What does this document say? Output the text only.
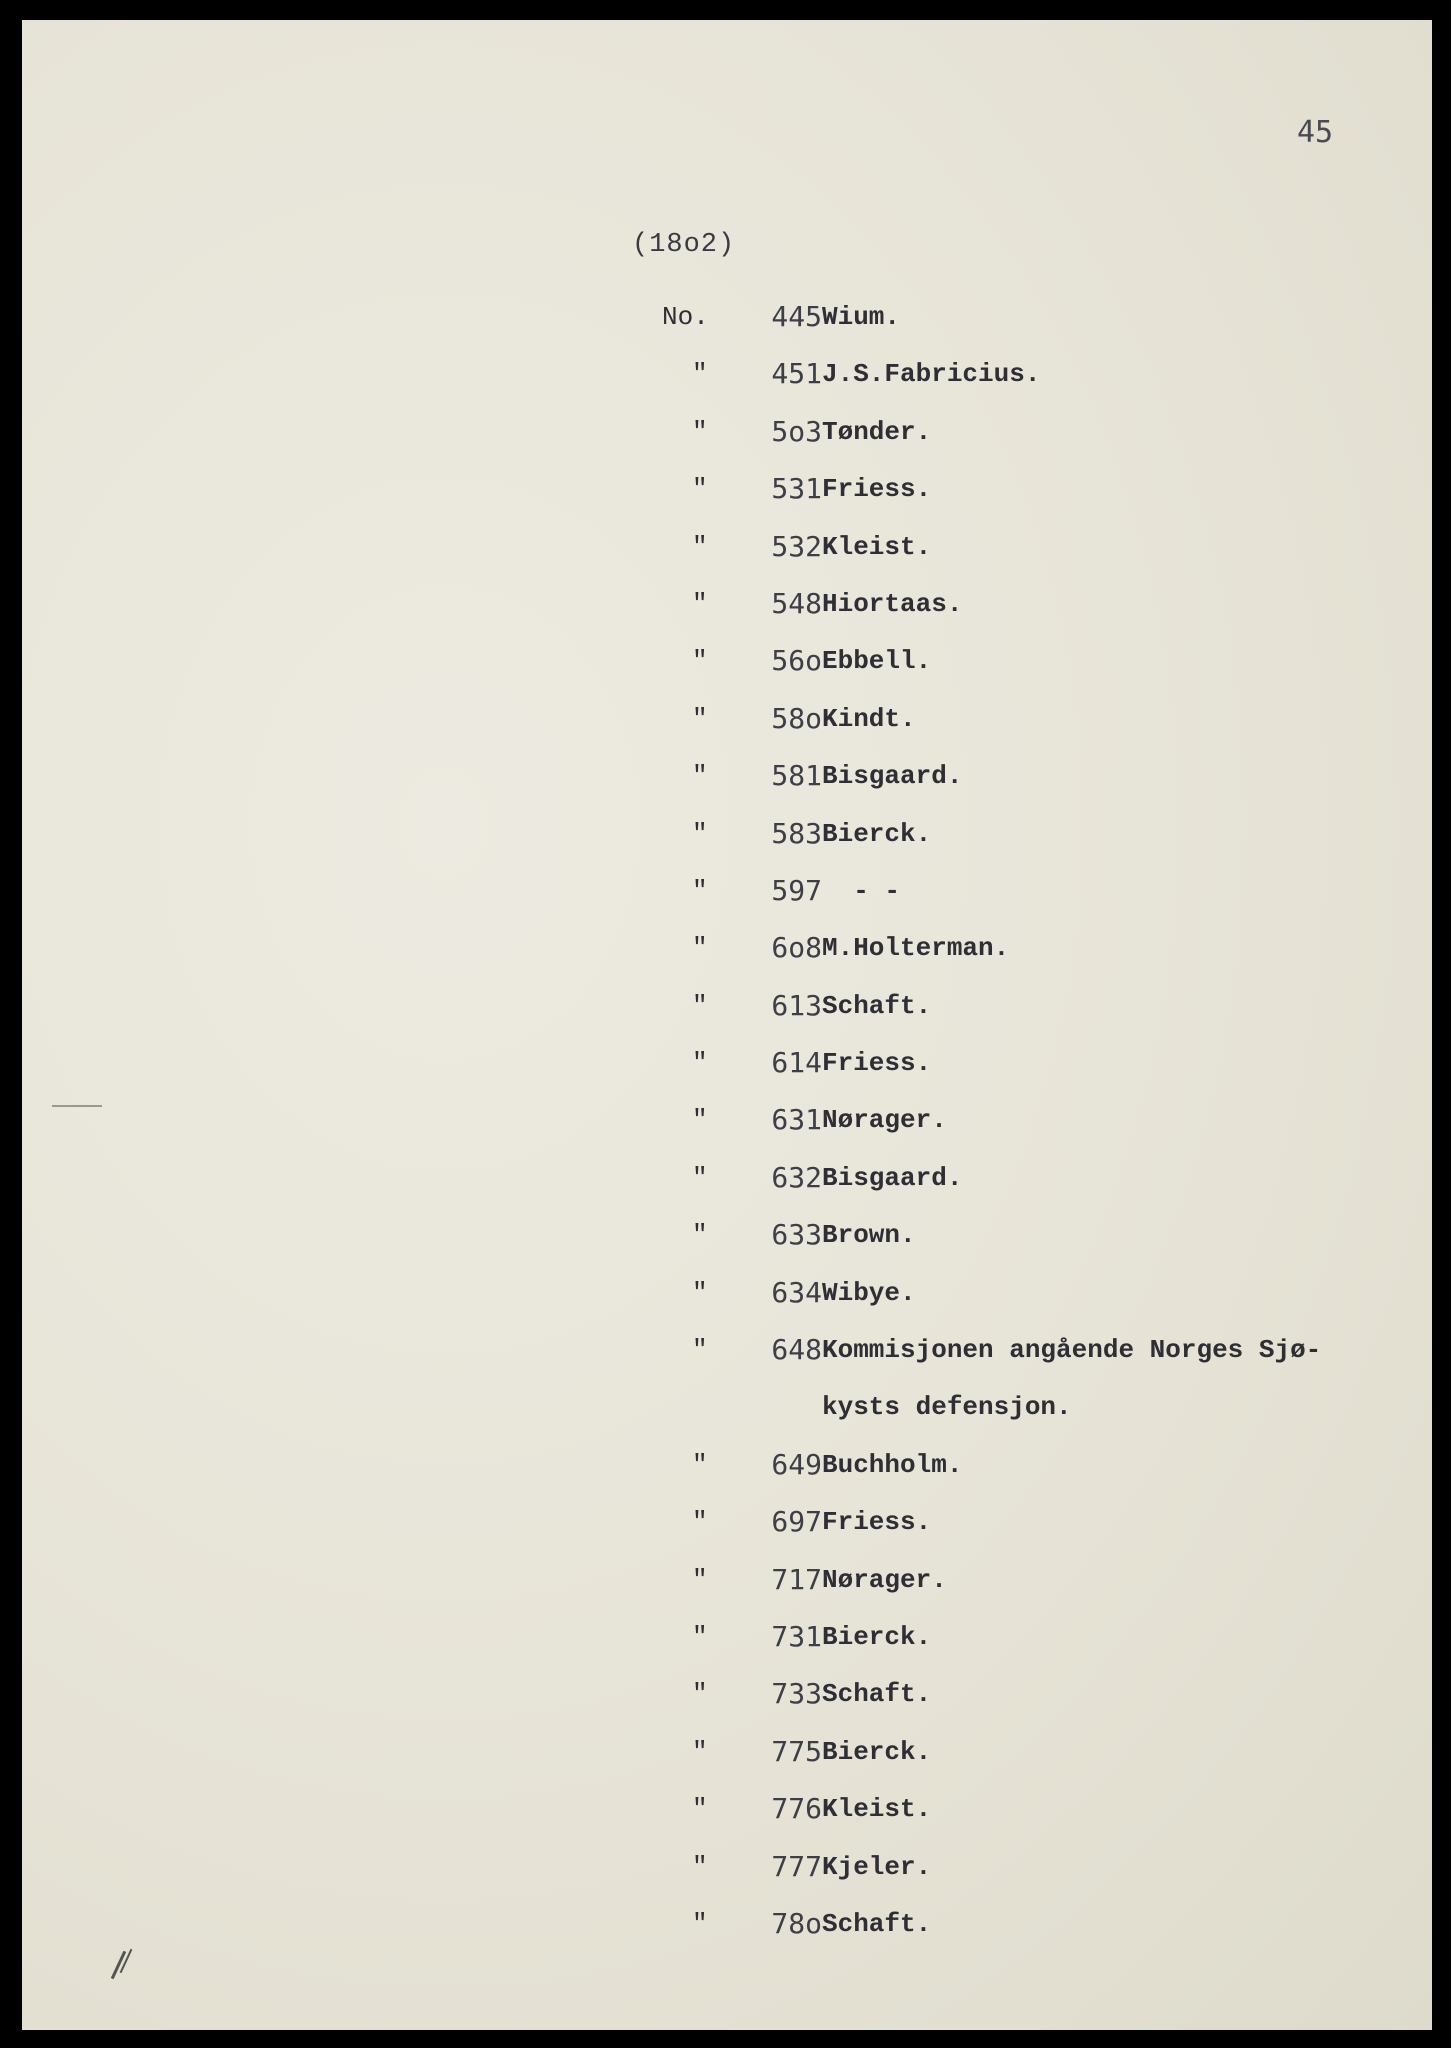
45
(18o2)
No.	445 Wium.
"	451 J.S.Fabricius.
"	5o3 Tønder.
"	531 Friess.
"	532 Kleist.
"	548 Hiortaas.
"	56o Ebbell.
"	58o Kindt.
"	581 Bisgaard.
"	583 Bierck.
"	597 - -
"	6o8 M.Holterman.
"	613 Schaft.
"	614 Friess.
"	631 Nørager.
"	632 Bisgaard.
"	633 Brown.
"	634 Wibye.
"	648 Kommisjonen angående Norges Sjø-
kysts defensjon.
"	649 Buchholm.
"	697 Friess.
"	717 Nørager.
"	731 Bierck.
"	733 Schaft.
"	775 Bierck.
"	776 Kleist.
"	777 Kjeler.
"	78o Schaft.
